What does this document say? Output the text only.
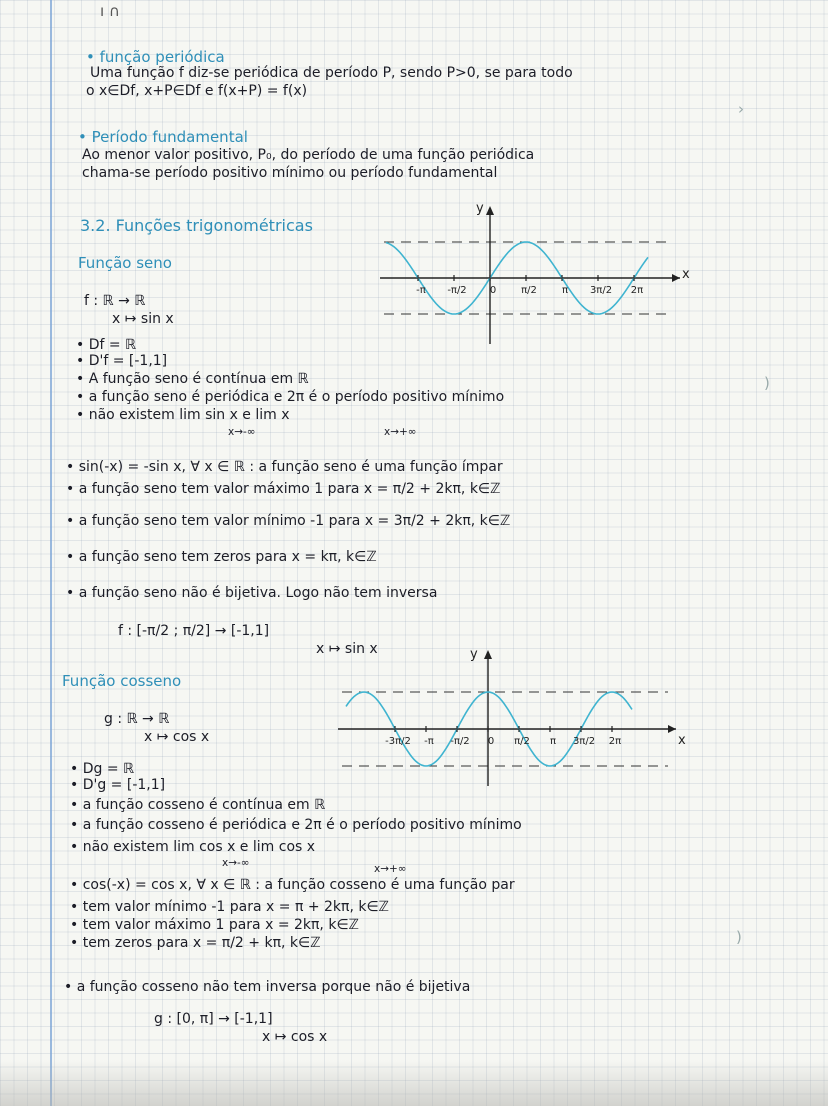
ı ∩

• função periódica

Uma função f diz-se periódica de período P, sendo P>0, se para todo

o x∈Df, x+P∈Df e f(x+P) = f(x)

• Período fundamental

Ao menor valor positivo, P₀, do período de uma função periódica

chama-se período positivo mínimo ou período fundamental

3.2. Funções trigonométricas

Função seno

f : ℝ → ℝ

x ↦ sin x

y
x
-π -π/2 0 π/2	π 3π/2 2π

• Df = ℝ

• D'f = [-1,1]

• A função seno é contínua em ℝ

• a função seno é periódica e 2π é o período positivo mínimo

• não existem lim sin x e lim x

x→-∞	x→+∞

• sin(-x) = -sin x, ∀ x ∈ ℝ : a função seno é uma função ímpar

• a função seno tem valor máximo 1 para x = π/2 + 2kπ, k∈ℤ

• a função seno tem valor mínimo -1 para x = 3π/2 + 2kπ, k∈ℤ

• a função seno tem zeros para x = kπ, k∈ℤ

• a função seno não é bijetiva. Logo não tem inversa

f : [-π/2 ; π/2] → [-1,1]

x ↦ sin x

Função cosseno

g : ℝ → ℝ

x ↦ cos x

y
x
-3π/2 -π -π/2 0 π/2 π 3π/2 2π

• Dg = ℝ

• D'g = [-1,1]

• a função cosseno é contínua em ℝ

• a função cosseno é periódica e 2π é o período positivo mínimo

• não existem lim cos x e lim cos x

x→-∞	x→+∞

• cos(-x) = cos x, ∀ x ∈ ℝ : a função cosseno é uma função par

• tem valor mínimo -1 para x = π + 2kπ, k∈ℤ

• tem valor máximo 1 para x = 2kπ, k∈ℤ

• tem zeros para x = π/2 + kπ, k∈ℤ

• a função cosseno não tem inversa porque não é bijetiva

g : [0, π] → [-1,1]

x ↦ cos x

›
)
)
